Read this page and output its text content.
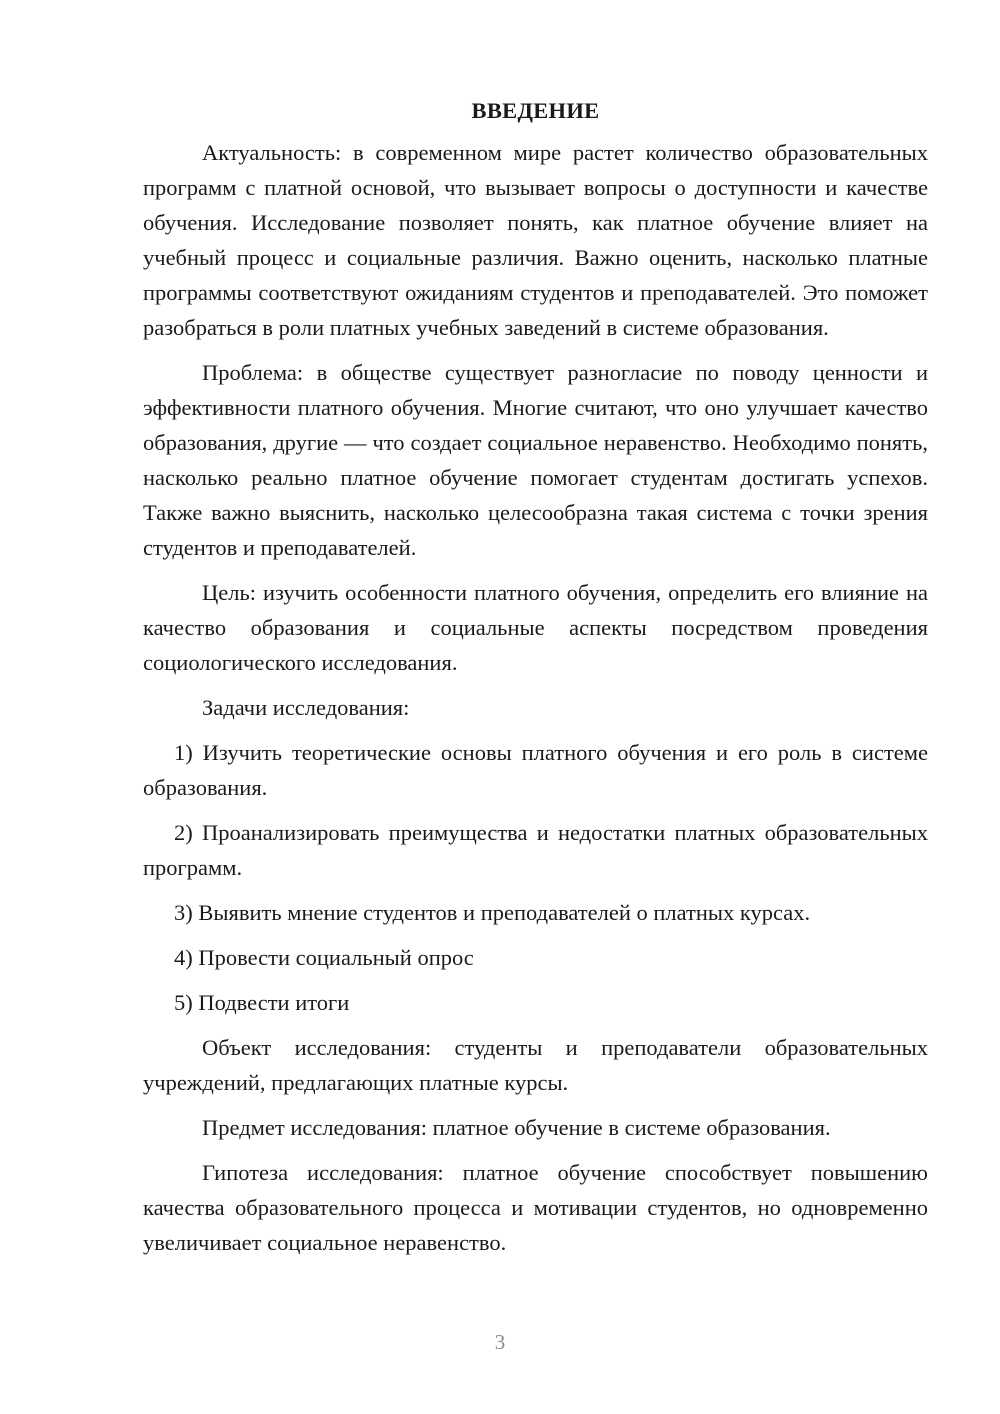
ВВЕДЕНИЕ

Актуальность: в современном мире растет количество образовательных программ с платной основой, что вызывает вопросы о доступности и качестве обучения. Исследование позволяет понять, как платное обучение влияет на учебный процесс и социальные различия. Важно оценить, насколько платные программы соответствуют ожиданиям студентов и преподавателей. Это поможет разобраться в роли платных учебных заведений в системе образования.

Проблема: в обществе существует разногласие по поводу ценности и эффективности платного обучения. Многие считают, что оно улучшает качество образования, другие — что создает социальное неравенство. Необходимо понять, насколько реально платное обучение помогает студентам достигать успехов. Также важно выяснить, насколько целесообразна такая система с точки зрения студентов и преподавателей.

Цель: изучить особенности платного обучения, определить его влияние на качество образования и социальные аспекты посредством проведения социологического исследования.

Задачи исследования:

1) Изучить теоретические основы платного обучения и его роль в системе образования.

2) Проанализировать преимущества и недостатки платных образовательных программ.

3) Выявить мнение студентов и преподавателей о платных курсах.

4) Провести социальный опрос

5) Подвести итоги

Объект исследования: студенты и преподаватели образовательных учреждений, предлагающих платные курсы.

Предмет исследования: платное обучение в системе образования.

Гипотеза исследования: платное обучение способствует повышению качества образовательного процесса и мотивации студентов, но одновременно увеличивает социальное неравенство.

3
